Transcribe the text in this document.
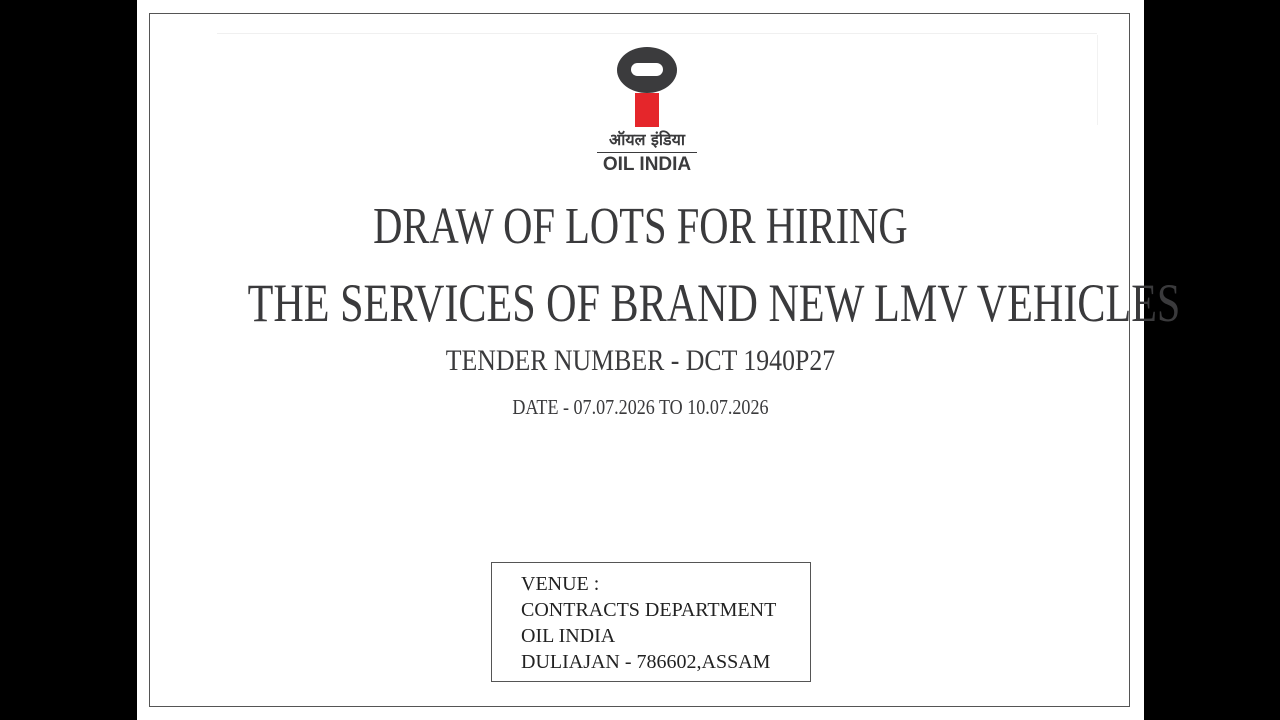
ऑयल इंडिया
OIL INDIA
DRAW OF LOTS FOR HIRING
THE SERVICES OF BRAND NEW LMV VEHICLES
TENDER NUMBER - DCT 1940P27
DATE - 07.07.2026 TO 10.07.2026
VENUE :
CONTRACTS DEPARTMENT
OIL INDIA
DULIAJAN - 786602,ASSAM
